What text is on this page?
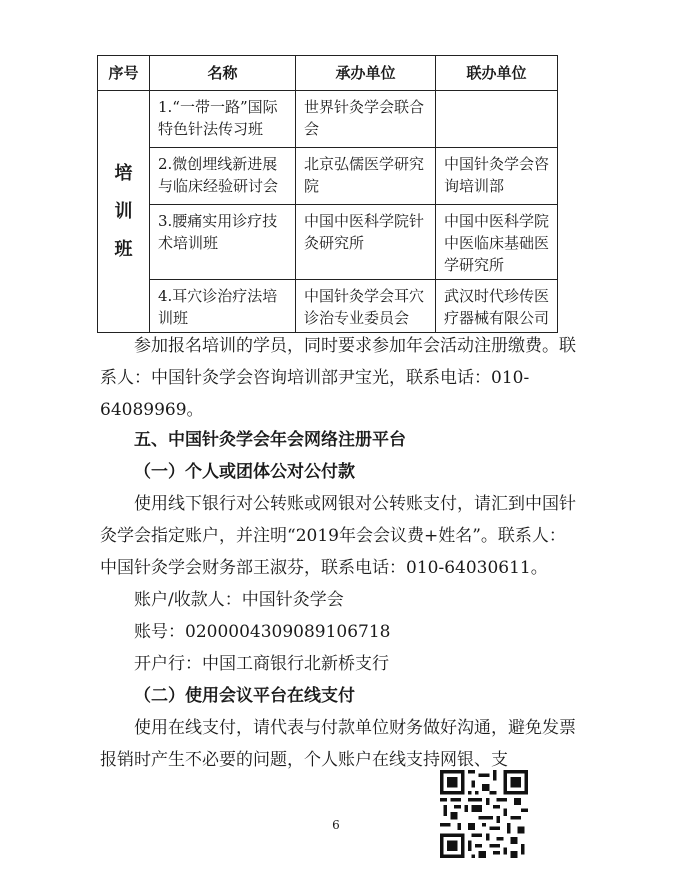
序号	名称	承办单位	联办单位

培
训
班	1.“一带一路”国际特色针法传习班	世界针灸学会联合会	
	2.微创埋线新进展与临床经验研讨会	北京弘儒医学研究院	中国针灸学会咨询培训部
	3.腰痛实用诊疗技术培训班	中国中医科学院针灸研究所	中国中医科学院中医临床基础医学研究所
	4.耳穴诊治疗法培训班	中国针灸学会耳穴诊治专业委员会	武汉时代珍传医疗器械有限公司

参加报名培训的学员，同时要求参加年会活动注册缴费。联系人：中国针灸学会咨询培训部尹宝光，联系电话：010-64089969。

五、中国针灸学会年会网络注册平台

（一）个人或团体公对公付款

使用线下银行对公转账或网银对公转账支付，请汇到中国针灸学会指定账户，并注明“2019年会会议费+姓名”。联系人：中国针灸学会财务部王淑芬，联系电话：010-64030611。

账户/收款人：中国针灸学会

账号：0200004309089106718

开户行：中国工商银行北新桥支行

（二）使用会议平台在线支付

使用在线支付，请代表与付款单位财务做好沟通，避免发票报销时产生不必要的问题，个人账户在线支持网银、支

6
